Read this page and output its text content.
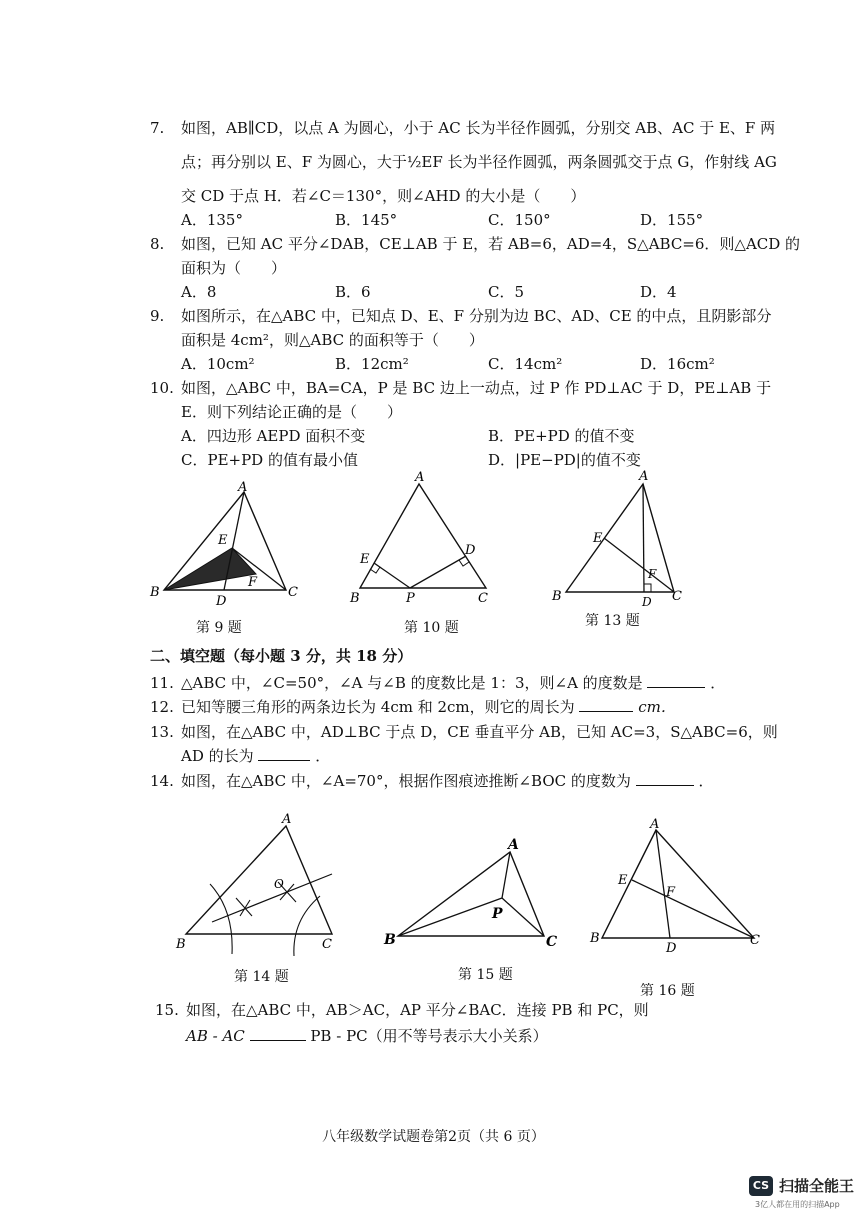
7. 如图，AB∥CD，以点 A 为圆心，小于 AC 长为半径作圆弧，分别交 AB、AC 于 E、F 两
点；再分别以 E、F 为圆心，大于½EF 长为半径作圆弧，两条圆弧交于点 G，作射线 AG
交 CD 于点 H．若∠C＝130°，则∠AHD 的大小是（　　）
A．135°	B．145°	C．150°	D．155°
8. 如图，已知 AC 平分∠DAB，CE⊥AB 于 E，若 AB=6，AD=4，S△ABC=6．则△ACD 的
面积为（　　）
A．8	B．6	C．5	D．4
9. 如图所示，在△ABC 中，已知点 D、E、F 分别为边 BC、AD、CE 的中点，且阴影部分
面积是 4cm²，则△ABC 的面积等于（　　）
A．10cm²	B．12cm²	C．14cm²	D．16cm²
10. 如图，△ABC 中，BA=CA，P 是 BC 边上一动点，过 P 作 PD⊥AC 于 D，PE⊥AB 于
E．则下列结论正确的是（　　）
A．四边形 AEPD 面积不变	B．PE+PD 的值不变
C．PE+PD 的值有最小值	D．|PE−PD|的值不变
A
B	C
D
E
F
第 9 题
A
B	C
D
E
P
第 10 题
A
B	C
D
E
F
第 13 题
二、填空题（每小题 3 分，共 18 分）
11. △ABC 中，∠C=50°，∠A 与∠B 的度数比是 1：3，则∠A 的度数是	．
12. 已知等腰三角形的两条边长为 4cm 和 2cm，则它的周长为	cm．
13. 如图，在△ABC 中，AD⊥BC 于点 D，CE 垂直平分 AB，已知 AC=3，S△ABC=6，则
AD 的长为	．
14. 如图，在△ABC 中，∠A=70°，根据作图痕迹推断∠BOC 的度数为	．
A
B	C
O
第 14 题
A
B	C
P
第 15 题
A
B	C
D
E
F
第 16 题
15. 如图，在△ABC 中，AB＞AC，AP 平分∠BAC．连接 PB 和 PC，则
AB - AC	PB - PC（用不等号表示大小关系）
八年级数学试题卷第2页（共 6 页）
CS 扫描全能王
3亿人都在用的扫描App
